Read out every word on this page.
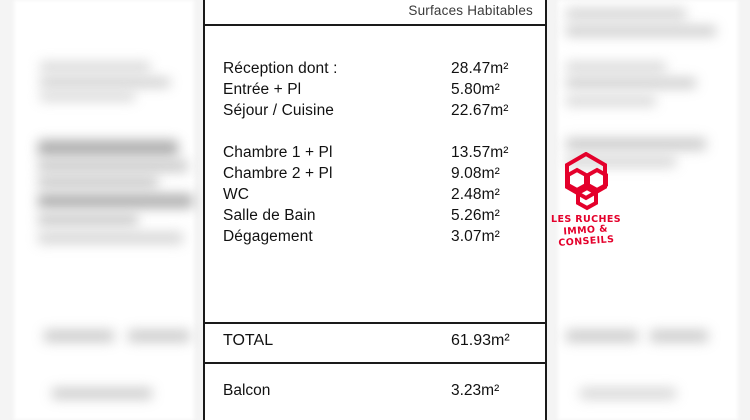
Surfaces Habitables
Réception dont :	28.47m²
Entrée + Pl	5.80m²
Séjour / Cuisine	22.67m²
Chambre 1 + Pl	13.57m²
Chambre 2 + Pl	9.08m²
WC	2.48m²
Salle de Bain	5.26m²
Dégagement	3.07m²
TOTAL	61.93m²
Balcon	3.23m²
LES RUCHES
IMMO & CONSEILS
